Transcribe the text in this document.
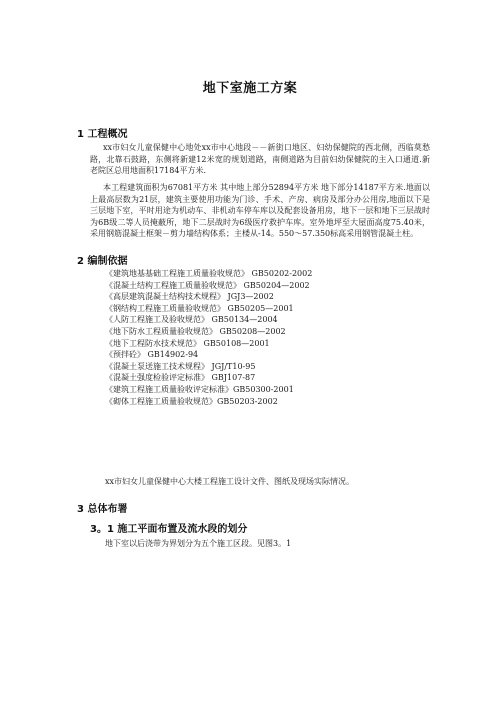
地下室施工方案
1 工程概况

xx市妇女儿童保健中心地处xx市中心地段－－新街口地区、妇幼保健院的西北侧，西临莫愁路，北靠石鼓路，东侧将新建12米宽的规划道路，南侧道路为目前妇幼保健院的主入口通道.新老院区总用地面积17184平方米.

本工程建筑面积为67081平方米 其中地上部分52894平方米 地下部分14187平方米.地面以上最高层数为21层，建筑主要使用功能为门诊、手术、产房、病房及部分办公用房,地面以下是三层地下室，平时用途为机动车、非机动车停车库以及配套设备用房，地下一层和地下三层战时为6B级二等人员掩蔽所，地下二层战时为6级医疗救护车库。室外地坪至大屋面高度75.40米，采用钢筋混凝土框架－剪力墙结构体系；主楼从-14。550～57.350标高采用钢管混凝土柱。

2 编制依据
《建筑地基基础工程施工质量验收规范》 GB50202-2002
《混凝土结构工程施工质量验收规范》 GB50204—2002
《高层建筑混凝土结构技术规程》 JGJ3—2002
《钢结构工程施工质量验收规范》 GB50205—2001
《人防工程施工及验收规范》 GB50134—2004
《地下防水工程质量验收规范》 GB50208—2002
《地下工程防水技术规范》 GB50108—2001
《预拌砼》 GB14902-94
《混凝土泵送施工技术规程》 JGJ/T10-95
《混凝土强度检验评定标准》 GBJ107-87
《建筑工程施工质量验收评定标准》GB50300-2001
《砌体工程施工质量验收规范》GB50203-2002
xx市妇女儿童保健中心大楼工程施工设计文件、图纸及现场实际情况。
3 总体布署
3。1 施工平面布置及流水段的划分
地下室以后浇带为界划分为五个施工区段。见图3。1
